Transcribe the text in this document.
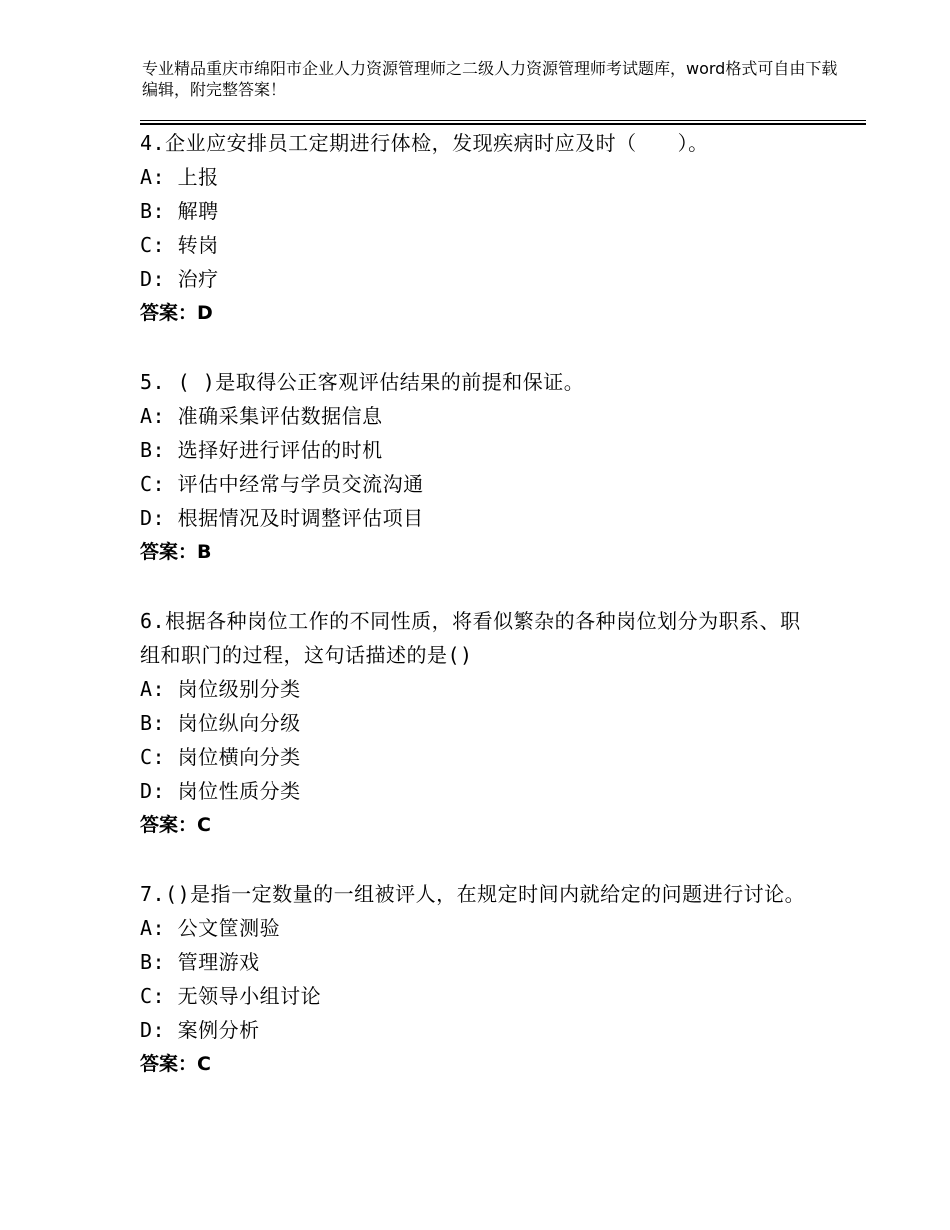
专业精品重庆市绵阳市企业人力资源管理师之二级人力资源管理师考试题库，word格式可自由下载编辑，附完整答案！

4.企业应安排员工定期进行体检，发现疾病时应及时（　　）。

A: 上报

B: 解聘

C: 转岗

D: 治疗

答案：D

5. ( )是取得公正客观评估结果的前提和保证。

A: 准确采集评估数据信息

B: 选择好进行评估的时机

C: 评估中经常与学员交流沟通

D: 根据情况及时调整评估项目

答案：B

6.根据各种岗位工作的不同性质，将看似繁杂的各种岗位划分为职系、职组和职门的过程，这句话描述的是()

A: 岗位级别分类

B: 岗位纵向分级

C: 岗位横向分类

D: 岗位性质分类

答案：C

7.()是指一定数量的一组被评人，在规定时间内就给定的问题进行讨论。

A: 公文筐测验

B: 管理游戏

C: 无领导小组讨论

D: 案例分析

答案：C
